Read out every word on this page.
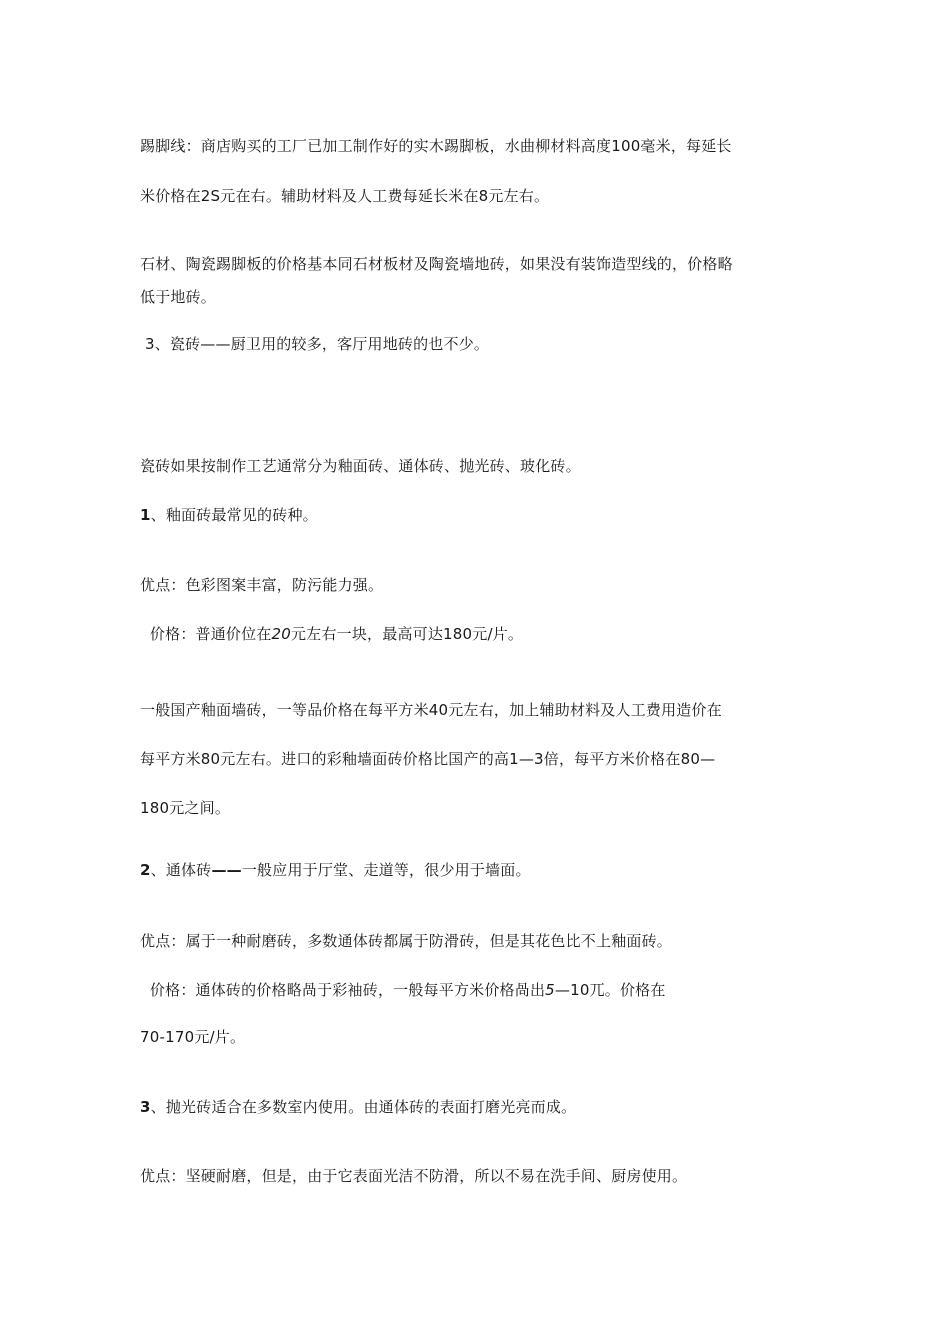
踢脚线：商店购买的工厂已加工制作好的实木踢脚板，水曲柳材料高度100毫米，每延长
米价格在2S元在右。辅助材料及人工费每延长米在8元左右。
石材、陶瓷踢脚板的价格基本同石材板材及陶瓷墙地砖，如果没有装饰造型线的，价格略
低于地砖。
3、瓷砖——厨卫用的较多，客厅用地砖的也不少。
瓷砖如果按制作工艺通常分为釉面砖、通体砖、抛光砖、玻化砖。
1、釉面砖最常见的砖种。
优点：色彩图案丰富，防污能力强。
价格：普通价位在20元左右一块，最高可达180元/片。
一般国产釉面墙砖，一等品价格在每平方米40元左右，加上辅助材料及人工费用造价在
每平方米80元左右。进口的彩釉墙面砖价格比国产的高1—3倍，每平方米价格在80—
180元之间。
2、通体砖——一般应用于厅堂、走道等，很少用于墙面。
优点：属于一种耐磨砖，多数通体砖都属于防滑砖，但是其花色比不上釉面砖。
价格：通体砖的价格略咼于彩袖砖，一般每平方米价格咼出5—10兀。价格在
70-170元/片。
3、抛光砖适合在多数室内使用。由通体砖的表面打磨光亮而成。
优点：坚硬耐磨，但是，由于它表面光洁不防滑，所以不易在洗手间、厨房使用。
